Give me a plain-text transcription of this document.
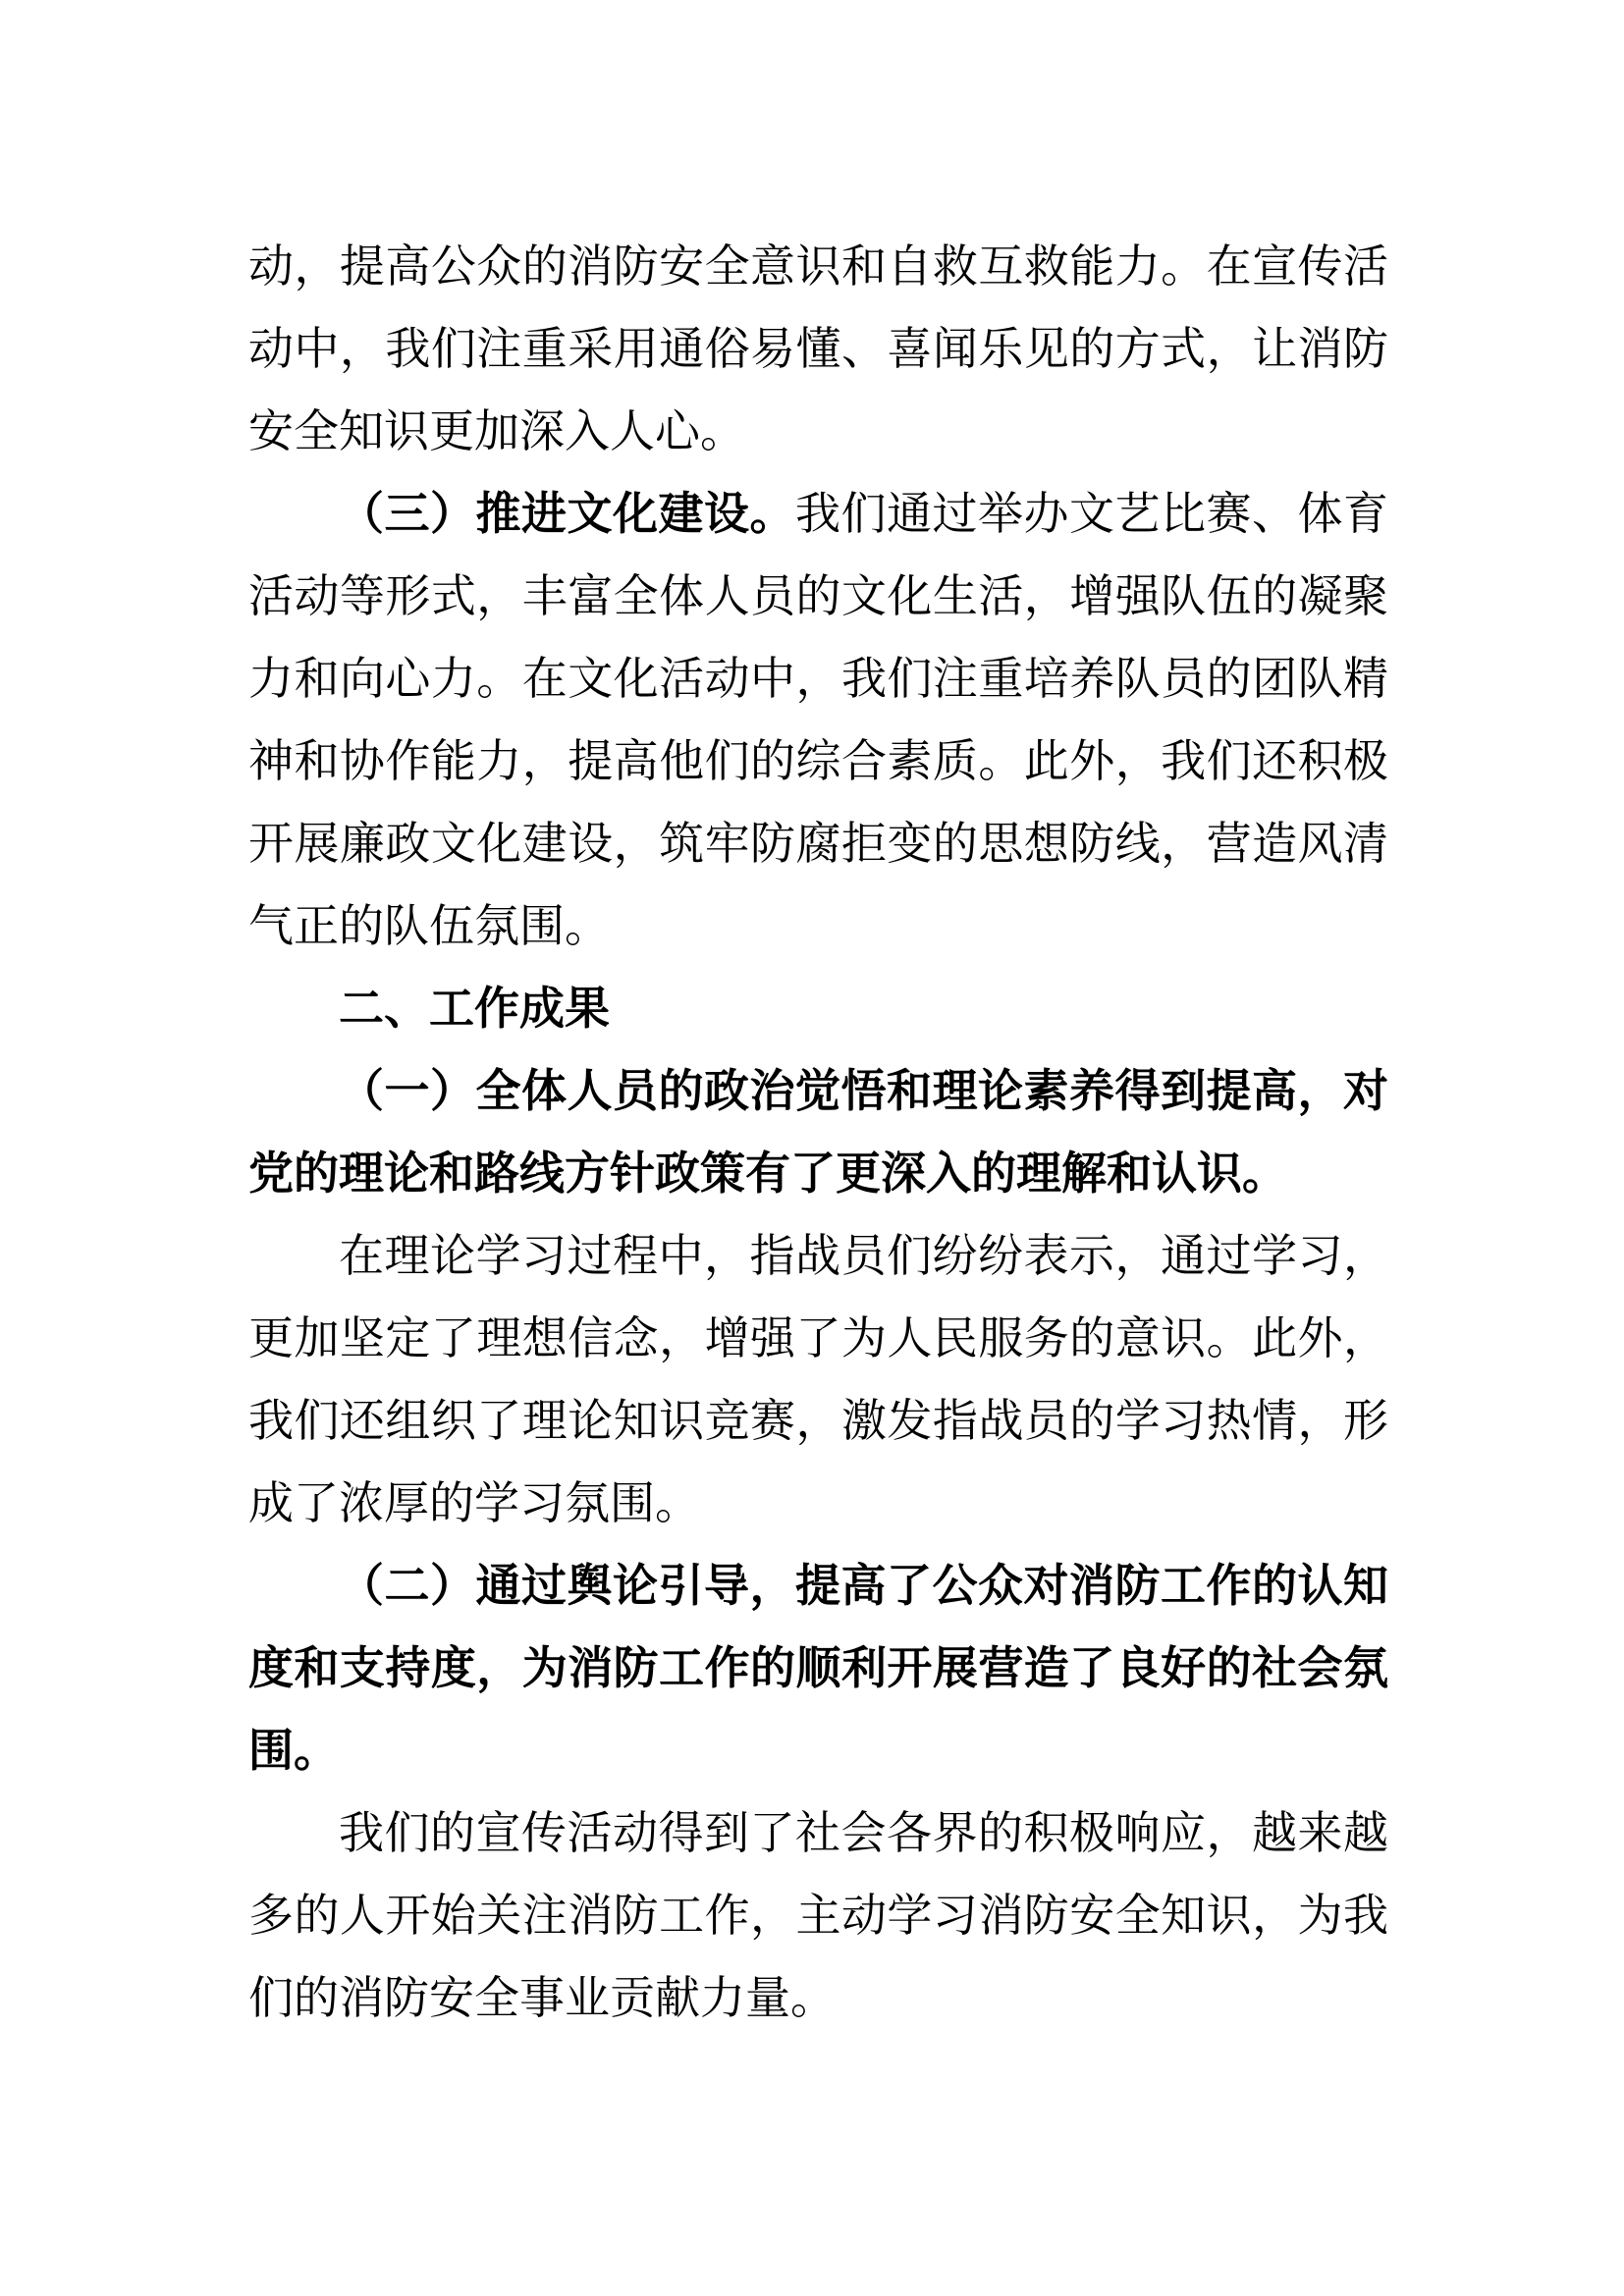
动，提高公众的消防安全意识和自救互救能力。在宣传活
动中，我们注重采用通俗易懂、喜闻乐见的方式，让消防
安全知识更加深入人心。
（三）推进文化建设。我们通过举办文艺比赛、体育
活动等形式，丰富全体人员的文化生活，增强队伍的凝聚
力和向心力。在文化活动中，我们注重培养队员的团队精
神和协作能力，提高他们的综合素质。此外，我们还积极
开展廉政文化建设，筑牢防腐拒变的思想防线，营造风清
气正的队伍氛围。
二、工作成果
（一）全体人员的政治觉悟和理论素养得到提高，对
党的理论和路线方针政策有了更深入的理解和认识。
在理论学习过程中，指战员们纷纷表示，通过学习，
更加坚定了理想信念，增强了为人民服务的意识。此外，
我们还组织了理论知识竞赛，激发指战员的学习热情，形
成了浓厚的学习氛围。
（二）通过舆论引导，提高了公众对消防工作的认知
度和支持度，为消防工作的顺利开展营造了良好的社会氛
围。
我们的宣传活动得到了社会各界的积极响应，越来越
多的人开始关注消防工作，主动学习消防安全知识，为我
们的消防安全事业贡献力量。
